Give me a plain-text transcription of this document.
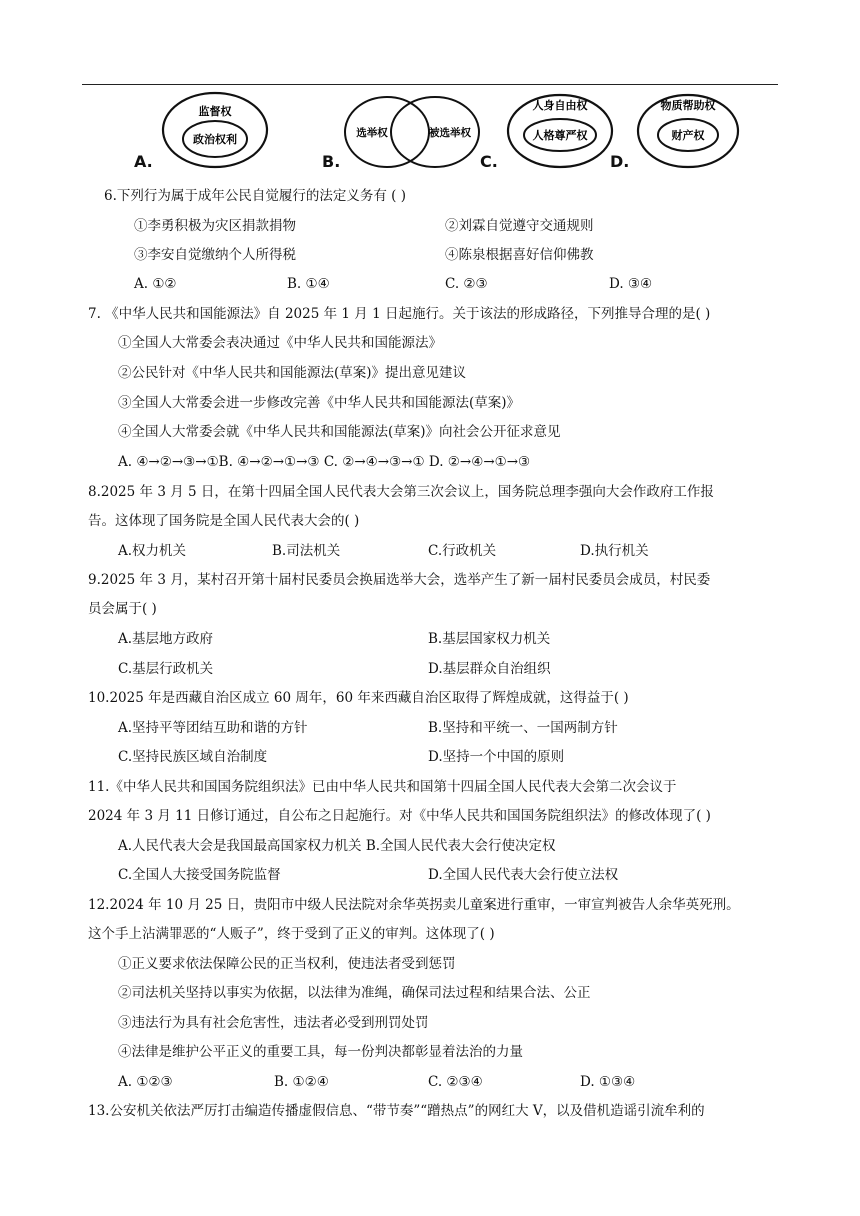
监督权
政治权利
A.
选举权	被选举权
B.
人身自由权
人格尊严权
C.
物质帮助权
财产权
D.
6.下列行为属于成年公民自觉履行的法定义务有 ( )
①李勇积极为灾区捐款捐物	②刘霖自觉遵守交通规则
③李安自觉缴纳个人所得税	④陈泉根据喜好信仰佛教
A. ①②	B. ①④	C. ②③	D. ③④
7. 《中华人民共和国能源法》自 2025 年 1 月 1 日起施行。关于该法的形成路径，下列推导合理的是( )
①全国人大常委会表决通过《中华人民共和国能源法》
②公民针对《中华人民共和国能源法(草案)》提出意见建议
③全国人大常委会进一步修改完善《中华人民共和国能源法(草案)》
④全国人大常委会就《中华人民共和国能源法(草案)》向社会公开征求意见
A. ④→②→③→①B. ④→②→①→③ C. ②→④→③→① D. ②→④→①→③
8.2025 年 3 月 5 日，在第十四届全国人民代表大会第三次会议上，国务院总理李强向大会作政府工作报
告。这体现了国务院是全国人民代表大会的( )
A.权力机关	B.司法机关	C.行政机关	D.执行机关
9.2025 年 3 月，某村召开第十届村民委员会换届选举大会，选举产生了新一届村民委员会成员，村民委
员会属于( )
A.基层地方政府	B.基层国家权力机关
C.基层行政机关	D.基层群众自治组织
10.2025 年是西藏自治区成立 60 周年，60 年来西藏自治区取得了辉煌成就，这得益于( )
A.坚持平等团结互助和谐的方针	B.坚持和平统一、一国两制方针
C.坚持民族区域自治制度	D.坚持一个中国的原则
11.《中华人民共和国国务院组织法》已由中华人民共和国第十四届全国人民代表大会第二次会议于
2024 年 3 月 11 日修订通过，自公布之日起施行。对《中华人民共和国国务院组织法》的修改体现了( )
A.人民代表大会是我国最高国家权力机关 B.全国人民代表大会行使决定权
C.全国人大接受国务院监督	D.全国人民代表大会行使立法权
12.2024 年 10 月 25 日，贵阳市中级人民法院对余华英拐卖儿童案进行重审，一审宣判被告人余华英死刑。
这个手上沾满罪恶的“人贩子”，终于受到了正义的审判。这体现了( )
①正义要求依法保障公民的正当权利，使违法者受到惩罚
②司法机关坚持以事实为依据，以法律为准绳，确保司法过程和结果合法、公正
③违法行为具有社会危害性，违法者必受到刑罚处罚
④法律是维护公平正义的重要工具，每一份判决都彰显着法治的力量
A. ①②③	B. ①②④	C. ②③④	D. ①③④
13.公安机关依法严厉打击编造传播虚假信息、“带节奏”“蹭热点”的网红大 V，以及借机造谣引流牟利的
